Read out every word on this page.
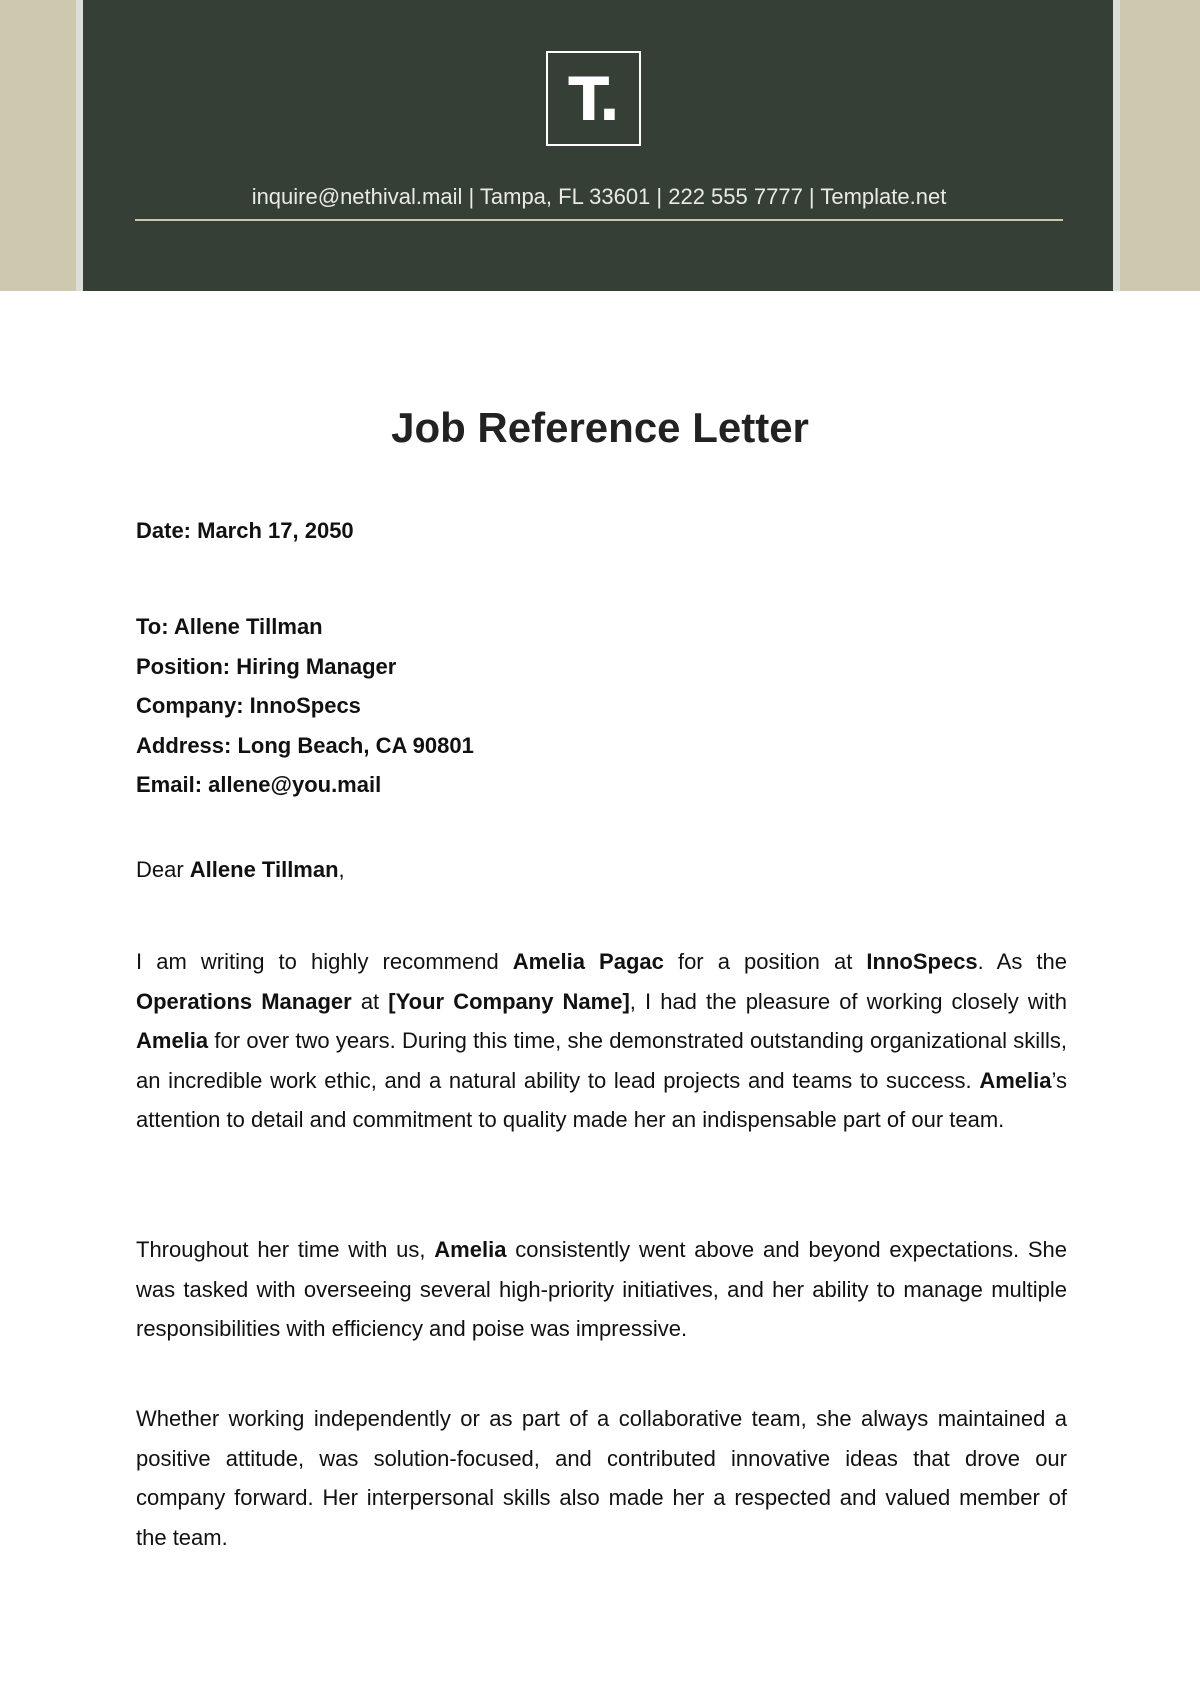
T.
inquire@nethival.mail | Tampa, FL 33601 | 222 555 7777 | Template.net
Job Reference Letter
Date: March 17, 2050
To: Allene Tillman
Position: Hiring Manager
Company: InnoSpecs
Address: Long Beach, CA 90801
Email: allene@you.mail
Dear Allene Tillman,

I am writing to highly recommend Amelia Pagac for a position at InnoSpecs. As the Operations Manager at [Your Company Name], I had the pleasure of working closely with Amelia for over two years. During this time, she demonstrated outstanding organizational skills, an incredible work ethic, and a natural ability to lead projects and teams to success. Amelia’s attention to detail and commitment to quality made her an indispensable part of our team.

Throughout her time with us, Amelia consistently went above and beyond expectations. She was tasked with overseeing several high-priority initiatives, and her ability to manage multiple responsibilities with efficiency and poise was impressive.

Whether working independently or as part of a collaborative team, she always maintained a positive attitude, was solution-focused, and contributed innovative ideas that drove our company forward. Her interpersonal skills also made her a respected and valued member of the team.
